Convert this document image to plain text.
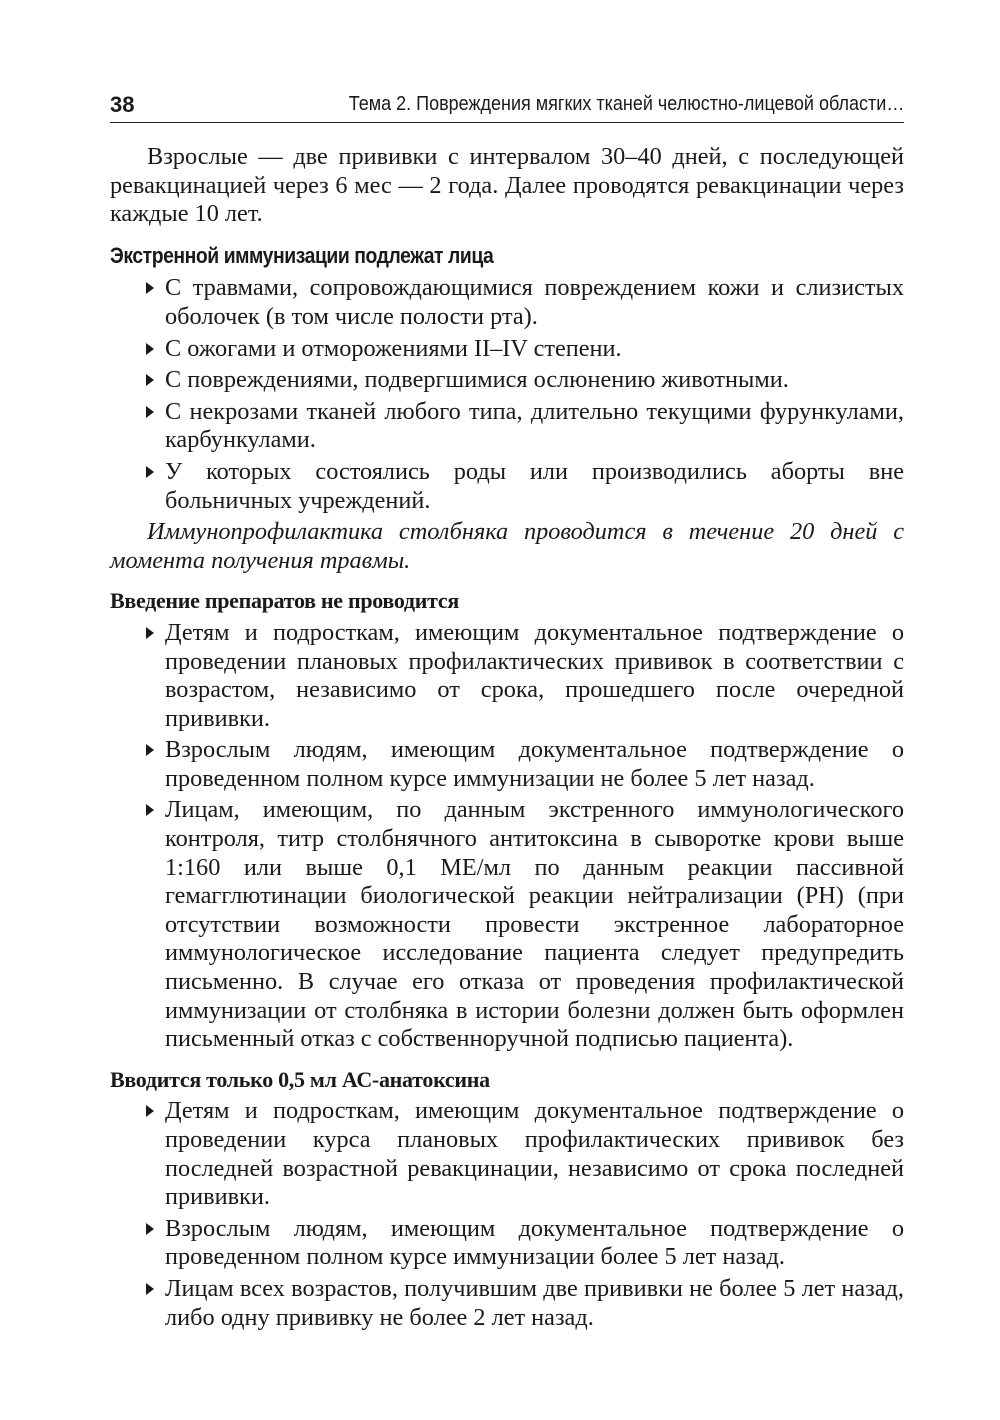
38	Тема 2. Повреждения мягких тканей челюстно-лицевой области…

Взрослые — две прививки с интервалом 30–40 дней, с последующей ревакцинацией через 6 мес — 2 года. Далее проводятся ревакцинации через каждые 10 лет.

Экстренной иммунизации подлежат лица
С травмами, сопровождающимися повреждением кожи и слизистых оболочек (в том числе полости рта).
С ожогами и отморожениями II–IV степени.
С повреждениями, подвергшимися ослюнению животными.
С некрозами тканей любого типа, длительно текущими фурункулами, карбункулами.
У которых состоялись роды или производились аборты вне больничных учреждений.

Иммунопрофилактика столбняка проводится в течение 20 дней с момента получения травмы.

Введение препаратов не проводится
Детям и подросткам, имеющим документальное подтверждение о проведении плановых профилактических прививок в соответствии с возрастом, независимо от срока, прошедшего после очередной прививки.
Взрослым людям, имеющим документальное подтверждение о проведенном полном курсе иммунизации не более 5 лет назад.
Лицам, имеющим, по данным экстренного иммунологического контроля, титр столбнячного антитоксина в сыворотке крови выше 1:160 или выше 0,1 МЕ/мл по данным реакции пассивной гемагглютинации биологической реакции нейтрализации (РН) (при отсутствии возможности провести экстренное лабораторное иммунологическое исследование пациента следует предупредить письменно. В случае его отказа от проведения профилактической иммунизации от столбняка в истории болезни должен быть оформлен письменный отказ с собственноручной подписью пациента).
Вводится только 0,5 мл АС-анатоксина
Детям и подросткам, имеющим документальное подтверждение о проведении курса плановых профилактических прививок без последней возрастной ревакцинации, независимо от срока последней прививки.
Взрослым людям, имеющим документальное подтверждение о проведенном полном курсе иммунизации более 5 лет назад.
Лицам всех возрастов, получившим две прививки не более 5 лет назад, либо одну прививку не более 2 лет назад.
